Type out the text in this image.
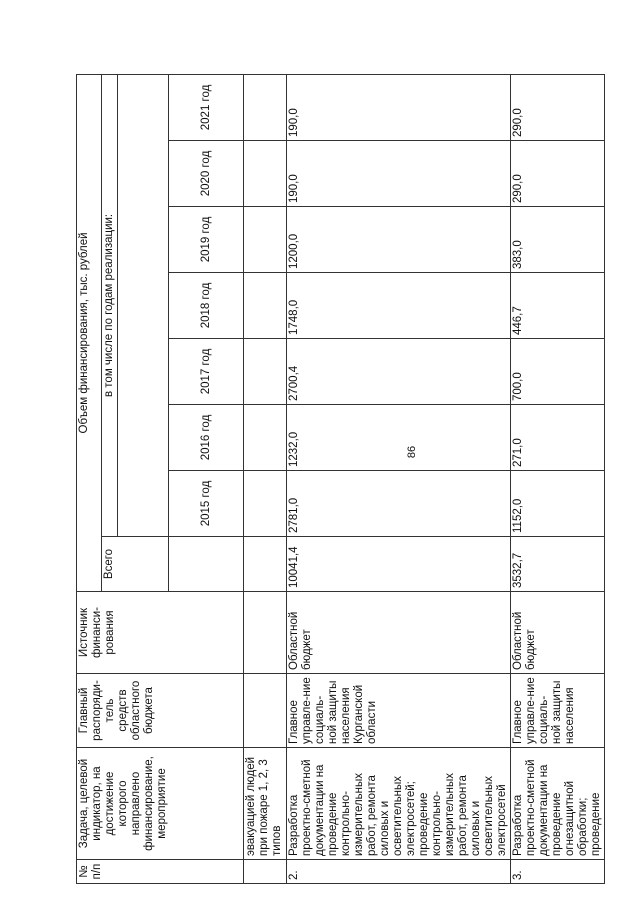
86
№ п/п	Задача, целевой индикатор, на достижение которого направлено финансирование, мероприятие	Главный распоряди-тель средств областного бюджета	Источник финанси-рования	Объем финансирования, тыс. рублей							
				Всего	в том числе по годам реализации:						

					2015 год	2016 год	2017 год	2018 год	2019 год	2020 год	2021 год
	эвакуацией людей при пожаре 1, 2, 3 типов										
2.	Разработка проектно-сметной документации на проведение контрольно-измерительных работ, ремонта силовых и осветительных электросетей; проведение контрольно-измерительных работ, ремонта силовых и осветительных электросетей	Главное управле-ние социаль-ной защиты населения Курганской области	Областной бюджет	10041,4	2781,0	1232,0	2700,4	1748,0	1200,0	190,0	190,0
3.	Разработка проектно-сметной документации на проведение огнезащитной обработки; проведение	Главное управле-ние социаль-ной защиты населения	Областной бюджет	3532,7	1152,0	271,0	700,0	446,7	383,0	290,0	290,0
